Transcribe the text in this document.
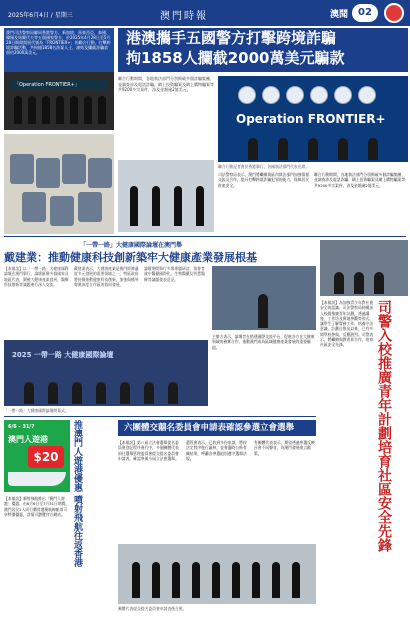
2025年6月4日 / 星期三	澳門時報	澳聞	02
港澳攜手五國警方打擊跨境詐騙
拘1858人攔截2000萬美元騙款
澳門司法警察局聯同香港警方、新加坡、馬來西亞、泰國、韓國及馬爾代夫等五個國家警方，於2025年4月28日至5月28日期間開展代號為「FRONTIER+」的聯合行動，打擊跨境詐騙活動，共拘捕1858名涉案人士，凍結及攔截涉騙款項約2000萬美元。
「Operation FRONTIER+」
聯合行動期間，各地執法部門分別搗破多個詐騙集團，並調查涉及電話詐騙、網上投資騙案及網上購物騙案等共9200多宗案件，涉及金額逾2億美元。
Operation FRONTIER+
聯合行動記者會於香港舉行，各國執法部門代表出席。
司法警察局表示，澳門將繼續與區內執法部門加強情報交流及合作，提升打擊跨境詐騙犯罪的能力，保障居民財產安全。
聯合行動期間，各地執法部門分別搗破多個詐騙集團，並調查涉及電話詐騙、網上投資騙案及網上購物騙案等共9200多宗案件，涉及金額逾2億美元。
「一帶一路」大健康國際論壇在澳門舉
戴建業：推動健康科技創新築牢大健康產業發展根基
【本報訊】以「一帶一路」大健康國際論壇在澳門舉行，論壇匯聚多個國家及地區代表，圍繞大健康產業發展、醫療科技創新等議題進行深入交流。
戴建業表示，大健康產業是澳門經濟適度多元發展的重要領域之一，特區政府將持續推動健康科技創新，加強與橫琴粵澳深度合作區的協同發展。
論壇期間舉行多場專題研討，與會者就中醫藥國際化、生物醫藥及智慧醫療等議題發表意見。
2025 一帶一路 大健康國際論壇
「一帶一路」大健康國際論壇開幕式。
主辦方表示，論壇旨在搭建國際交流平台，促進各方在大健康領域的務實合作，推動澳門成為區域健康產業發展的重要樞紐。
【本報訊】為加強青少年對社會安全的認識，司法警察局持續深入校園推廣青年計劃，透過講座、工作坊及實地參觀等形式，讓學生了解警務工作，培養守法意識。計劃自推出以來，已有多間學校參與，反應熱烈。司警表示，將繼續與教育界合作，培育社區安全先鋒。	司警入校推廣青年計劃培育社區安全先鋒
6/6 - 31/7
澳門人遊港
$20	推澳門人遊港優惠 噴射飛航往返香港
【本報訊】噴射飛航推出「澳門人遊港」優惠，由6月6日至7月31日期間，澳門居民2人同行購買港澳航線船票可享特價優惠，詳情可瀏覽官方網站。
六團體交囍名委員會申請表確認參選立會選舉
【本報訊】第八屆立法會選舉提名委員會登記程序進行中，多個團體代表前往選舉管理委員會提交提名委員會申請表，確認參與今屆立法會選舉。
選管會表示，已收到多份申請，將按法定程序進行審核，並會適時公佈有關結果，呼籲各參選組別遵守選舉法規。
有團體代表表示，期望透過參選反映社會不同聲音，為澳門發展建言獻策。
團體代表提交提名委員會申請表後合照。
